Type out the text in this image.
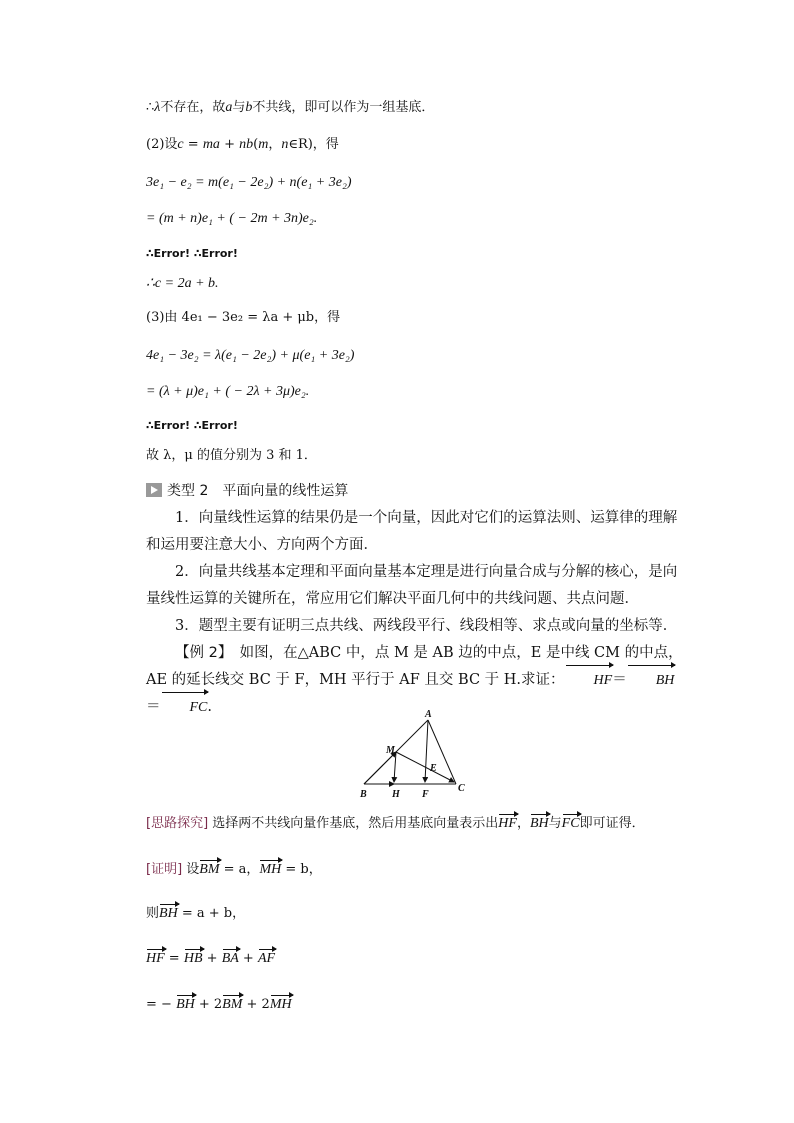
∴λ不存在，故a与b不共线，即可以作为一组基底．
(2)设c = ma + nb(m，n∈R)，得
3e₁ − e₂ = m(e₁ − 2e₂) + n(e₁ + 3e₂)
= (m + n)e₁ + ( − 2m + 3n)e₂.
∴Error! ∴Error!
∴c = 2a + b.
(3)由 4e₁ − 3e₂ = λa + μb，得
4e₁ − 3e₂ = λ(e₁ − 2e₂) + μ(e₁ + 3e₂)
= (λ + μ)e₁ + ( − 2λ + 3μ)e₂.
∴Error! ∴Error!
故 λ，μ 的值分别为 3 和 1．
类型 2　平面向量的线性运算
1．向量线性运算的结果仍是一个向量，因此对它们的运算法则、运算律的理解和运用要注意大小、方向两个方面．
2．向量共线基本定理和平面向量基本定理是进行向量合成与分解的核心，是向量线性运算的关键所在，常应用它们解决平面几何中的共线问题、共点问题．
3．题型主要有证明三点共线、两线段平行、线段相等、求点或向量的坐标等．
【例 2】　如图，在△ABC 中，点 M 是 AB 边的中点，E 是中线 CM 的中点，AE 的延长线交 BC 于 F，MH 平行于 AF 且交 BC 于 H.求证： HF＝ BH＝ FC.	A
M
E
B	H F
C
[思路探究] 选择两不共线向量作基底，然后用基底向量表示出HF，BH与FC即可证得．
[证明] 设BM = a，MH = b，
则BH = a + b，
HF = HB + BA + AF
= − BH + 2BM + 2MH
